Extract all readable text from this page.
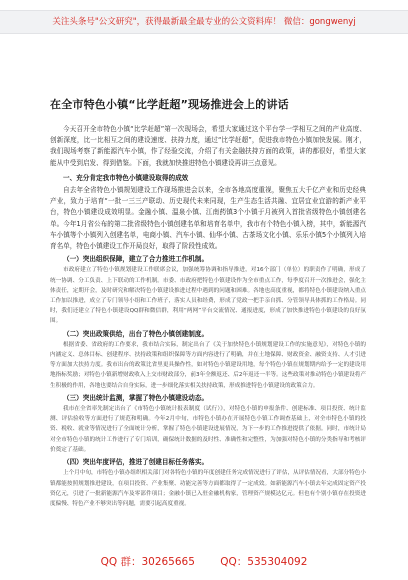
关注头条号"公文研究"，获得最新最全最专业的公文资料库！ 微信：gongwenyj
在全市特色小镇“比学赶超”现场推进会上的讲话

今天召开全市特色小镇“比学赶超”第一次现场会，希望大家通过这个平台学一学相互之间的产业高度、创新深度，比一比相互之间的建设速度、扶持力度，通过“比学赶超”，促进我市特色小镇加快发展。刚才，我们现场考察了新能源汽车小镇，作了经验交流，介绍了有关金融扶持方面的政策，讲的都很好，希望大家能从中受到启发、得到借鉴。下面，我就加快推进特色小镇建设再讲三点意见。

一、充分肯定我市特色小镇建设取得的成效

自去年全省特色小镇规划建设工作现场推进会以来，全市各地高度重视，聚焦五大千亿产业和历史经典产业，致力于培育“一批一三三产联动、历史现代未来同现，生产生态生活共融、宜居宜业宜游的新产业平台，特色小镇建设成效明显。金融小镇、温泉小镇、江南药镇3个小镇于月被列入首批省级特色小镇创建名单。今年1月省公布的第二批省级特色小镇创建名单和培育名单中，我市有个特色小镇入榜，其中，新能源汽车小镇等个小镇列入创建名单，电商小镇、汽车小镇、仙华小镇、古茶场文化小镇、乐乐小镇5个小镇列入培育名单，特色小镇建设工作开局良好，取得了阶段性成效。

（一）突出组织保障，建立了合力推进工作机制。

市政府建立了特色小镇规划建设工作联席会议，加强统筹协调和指导推进，对16个部门（单位）的职责作了明确，形成了统一协调、分工负责、上下联动的工作机制。市委、市政府把特色小镇建设作为全市重点工作，每季度召开一次推进会，强化主体责任，定期开会，及时研究和解决特色小镇建设推进过程中遇到的问题和困难。各地也高度重视，都将特色小镇建设纳入重点工作加以推进，成立了专门领导小组和工作班子，落实人员和经费，形成了党政一把手亲自抓、分管领导具体抓的工作格局。同时，我们还建立了特色小镇建设QQ群和微信群，利用“两网”平台交流情况、通报进度，形成了加快推进特色小镇建设的良好氛围。

（二）突出政策供给，出台了特色小镇创建制度。

根据省委、省政府的工作要求，我市结合实际，制定出台了《关于加快特色小镇规划建设工作的实施意见》，对特色小镇的内涵定义、总体目标、创建程序、扶持政策和组织保障等方面内容进行了明确，并在土地保障、财政资金、融资支持、人才引进等方面加大扶持力度。我市出台的政策比省里更具操作性，如对特色小镇建设用地，每个特色小镇在规划期内给予一定的建设用地指标奖励；对特色小镇新增财政收入上交市财政部分，前3年全额返还、后2年返还一半等。这些政策对推动特色小镇建设将产生积极的作用，各地也要结合自身实际，进一步细化落实相关扶持政策，形成推进特色小镇建设的政策合力。

（三）突出统计监测，掌握了特色小镇建设动态。

我市在全省率先制定出台了《市特色小镇统计报表制度（试行）》，对特色小镇的申报条件、创建标准、项目投资、统计监测、评估验收等方面进行了规范和明确。今年2月中旬，市特色小镇办在开展特色小镇工作调查基础上，对全市特色小镇的投资、税收、就业等情况进行了全面统计分析，掌握了特色小镇建设进展情况，为下一步的工作推进提供了依据。同时，市统计局对全市特色小镇的统计工作进行了专门培训，确保统计数据的及时性、准确性和完整性，为加强对特色小镇的分类指导和考核评价奠定了基础。

（四）突出年度评估，推进了创建目标任务落实。

上个月中旬，市特色小镇办组织相关部门对各特色小镇的年度创建任务完成情况进行了评估，从评估情况看，大部分特色小镇都能按照规划推进建设，在项目投资、产业集聚、功能完善等方面都取得了一定成效。如新能源汽车小镇去年完成固定资产投资亿元，引进了一批新能源汽车及零部件项目；金融小镇已入驻金融机构家，管理资产规模达亿元。但也有个别小镇存在投资进度偏慢、特色产业不够突出等问题，需要引起高度重视。

QQ 群：30265665 QQ：535304092
